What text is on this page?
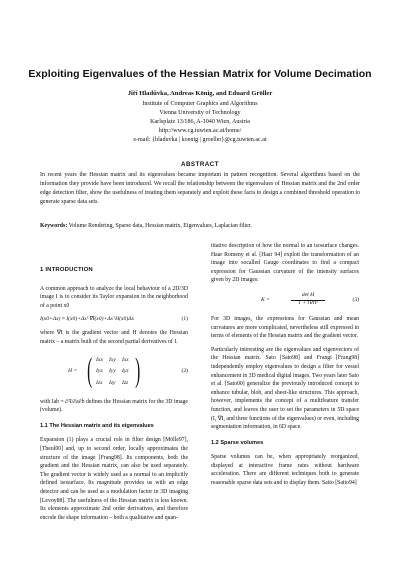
Exploiting Eigenvalues of the Hessian Matrix for Volume Decimation
Jiří Hladůvka, Andreas König, and Eduard Gröller
Institute of Computer Graphics and Algorithms
Vienna University of Technology
Karlsplatz 13/186, A-1040 Wien, Austria
http://www.cg.tuwien.ac.at/home/
e-mail: {hladuvka | koenig | groeller}@cg.tuwien.ac.at
ABSTRACT
In recent years the Hessian matrix and its eigenvalues became important in pattern recognition. Several algorithms based on the information they provide have been introduced. We recall the relationship between the eigenvalues of Hessian matrix and the 2nd order edge detection filter, show the usefulness of treating them separately and exploit these facts to design a combined threshold operation to generate sparse data sets.
Keywords: Volume Rendering, Sparse data, Hessian matrix, Eigenvalues, Laplacian filter.
1 INTRODUCTION

A common approach to analyze the local behaviour of a 2D/3D image I is to consider its Taylor expansion in the neighborhood of a point x0

I(x0+Δx) ≈ I(x0)+Δxᵀ∇I(x0)+ΔxᵀH(x0)Δx	(1)

where ∇I is the gradient vector and H denotes the Hessian matrix – a matrix built of the second partial derivatives of I.

H = ( Ixx	Ixy	Ixz
Iyx	Iyy	Iyz
Izx	Izy	Izz )	(2)

with Iab = ∂²I/∂a∂b defines the Hessian matrix for the 3D image (volume).

1.1 The Hessian matrix and its eigenvalues

Expansion (1) plays a crucial role in filter design [Mölle97], [Theul00] and, up to second order, locally approximates the structure of the image [Frang98]. Its components, both the gradient and the Hessian matrix, can also be used separately. The gradient vector is widely used as a normal to an implicitly defined isosurface. Its magnitude provides us with an edge detector and can be used as a modulation factor in 3D imaging [Levoy88]. The usefulness of the Hessian matrix is less known. Its elements approximate 2nd order derivatives, and therefore encode the shape information – both a qualitative and quan-

titative description of how the normal to an isosurface changes. Haar Romeny et al. [Haar 94] exploit the transformation of an image into socalled Gauge coordinates to find a compact expression for Gaussian curvature of the intensity surfaces given by 2D images:

K =
det H
1 + ‖∇I‖²	(3)

For 3D images, the expressions for Gaussian and mean curvatures are more complicated, nevertheless still expressed in terms of elements of the Hessian matrix and the gradient vector.

Particularly interesting are the eigenvalues and eigenvectors of the Hessian matrix. Sato [Sato98] and Frangi [Frang98] independently employ eigenvalues to design a filter for vessel enhancement in 3D medical digital images. Two years later Sato et al. [Sato00] generalize the previously introduced concept to enhance tubular, blob, and sheet-like structures. This approach, however, implements the concept of a multifeature transfer function, and leaves the user to set the parameters in 5D space (I, ∇I, and three functions of the eigenvalues) or even, including segmentation information, in 6D space.

1.2 Sparse volumes

Sparse volumes can be, when appropriately reorganized, displayed at interactive frame rates without hardware acceleration. There are different techniques both to generate reasonable sparse data sets and to display them. Saito [Saito94]
